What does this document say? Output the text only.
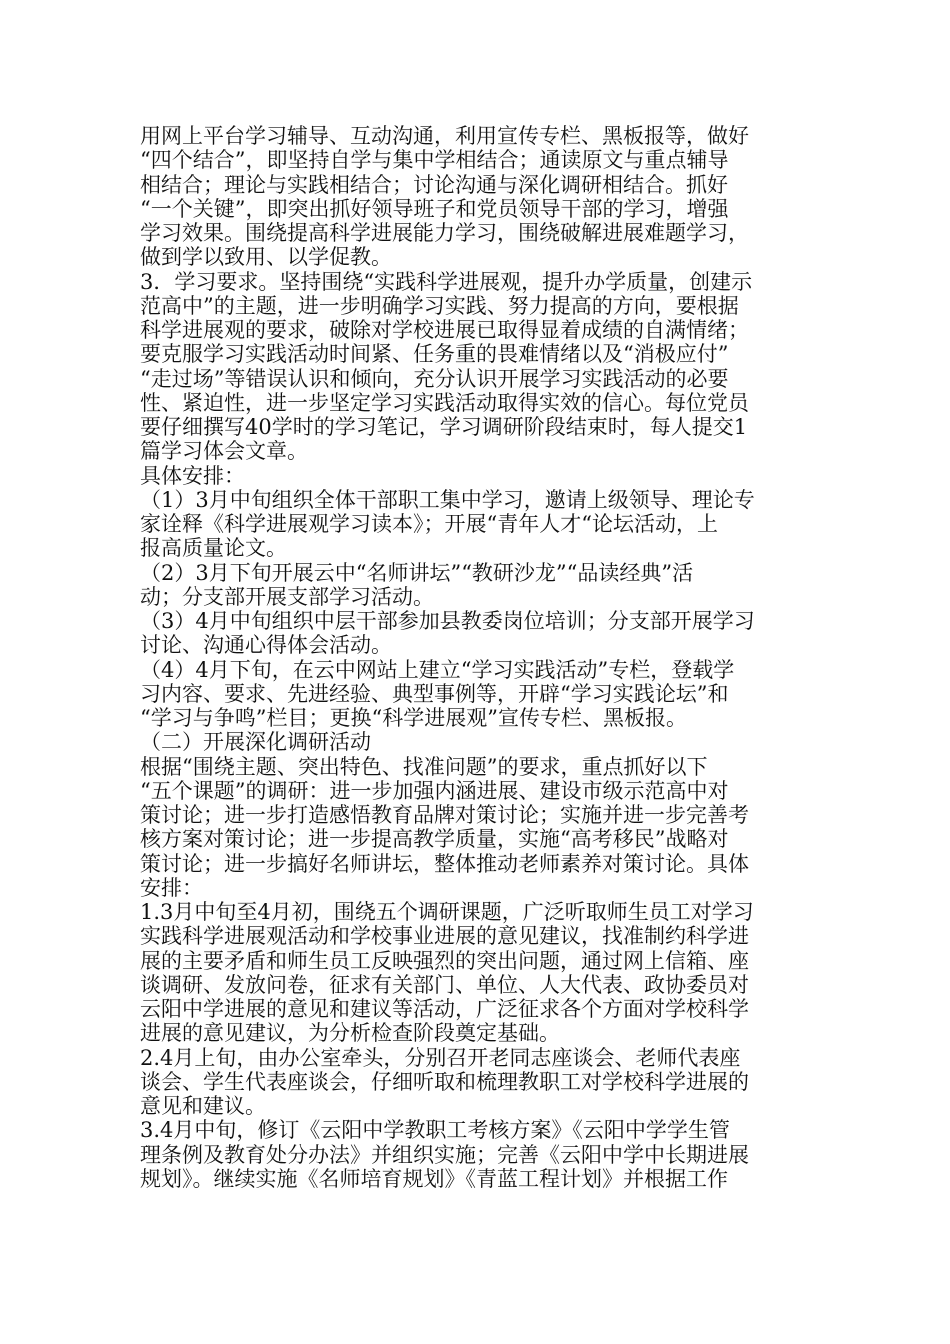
用网上平台学习辅导、互动沟通，利用宣传专栏、黑板报等，做好
“四个结合”，即坚持自学与集中学相结合；通读原文与重点辅导
相结合；理论与实践相结合；讨论沟通与深化调研相结合。抓好
“一个关键”，即突出抓好领导班子和党员领导干部的学习，增强
学习效果。围绕提高科学进展能力学习，围绕破解进展难题学习，
做到学以致用、以学促教。
3．学习要求。坚持围绕“实践科学进展观，提升办学质量，创建示
范高中”的主题，进一步明确学习实践、努力提高的方向，要根据
科学进展观的要求，破除对学校进展已取得显着成绩的自满情绪；
要克服学习实践活动时间紧、任务重的畏难情绪以及“消极应付”
“走过场”等错误认识和倾向，充分认识开展学习实践活动的必要
性、紧迫性，进一步坚定学习实践活动取得实效的信心。每位党员
要仔细撰写40学时的学习笔记，学习调研阶段结束时，每人提交1
篇学习体会文章。
具体安排：
（1）3月中旬组织全体干部职工集中学习，邀请上级领导、理论专
家诠释《科学进展观学习读本》；开展“青年人才“论坛活动，上
报高质量论文。
（2）3月下旬开展云中“名师讲坛”“教研沙龙”“品读经典”活
动；分支部开展支部学习活动。
（3）4月中旬组织中层干部参加县教委岗位培训；分支部开展学习
讨论、沟通心得体会活动。
（4）4月下旬，在云中网站上建立“学习实践活动”专栏，登载学
习内容、要求、先进经验、典型事例等，开辟“学习实践论坛”和
“学习与争鸣”栏目；更换“科学进展观”宣传专栏、黑板报。
（二）开展深化调研活动
根据“围绕主题、突出特色、找准问题”的要求，重点抓好以下
“五个课题”的调研：进一步加强内涵进展、建设市级示范高中对
策讨论；进一步打造感悟教育品牌对策讨论；实施并进一步完善考
核方案对策讨论；进一步提高教学质量，实施“高考移民”战略对
策讨论；进一步搞好名师讲坛，整体推动老师素养对策讨论。具体
安排：
1.3月中旬至4月初，围绕五个调研课题，广泛听取师生员工对学习
实践科学进展观活动和学校事业进展的意见建议，找准制约科学进
展的主要矛盾和师生员工反映强烈的突出问题，通过网上信箱、座
谈调研、发放问卷，征求有关部门、单位、人大代表、政协委员对
云阳中学进展的意见和建议等活动，广泛征求各个方面对学校科学
进展的意见建议，为分析检查阶段奠定基础。
2.4月上旬，由办公室牵头，分别召开老同志座谈会、老师代表座
谈会、学生代表座谈会，仔细听取和梳理教职工对学校科学进展的
意见和建议。
3.4月中旬，修订《云阳中学教职工考核方案》《云阳中学学生管
理条例及教育处分办法》并组织实施；完善《云阳中学中长期进展
规划》。继续实施《名师培育规划》《青蓝工程计划》并根据工作
